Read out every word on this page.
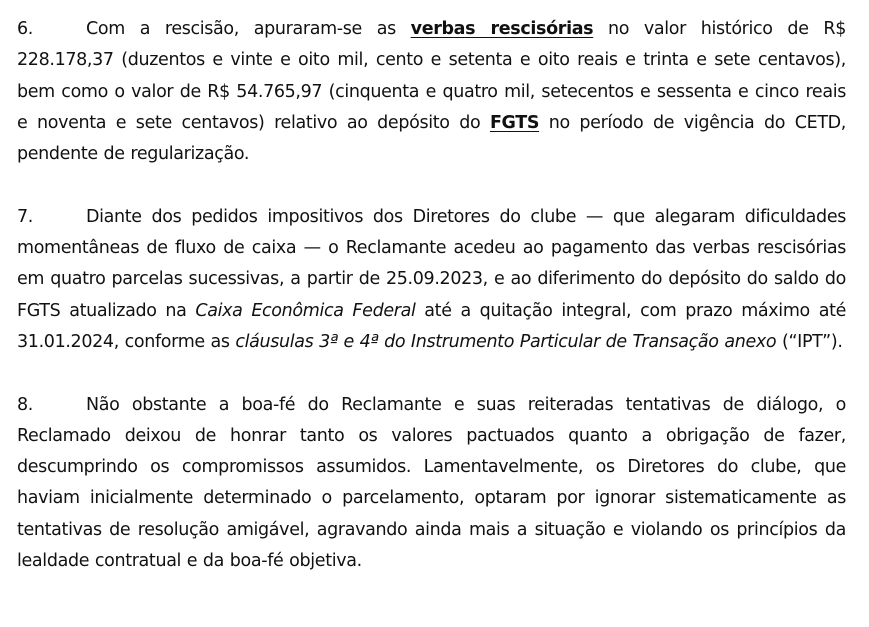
6.	Com a rescisão, apuraram-se as verbas rescisórias no valor histórico de R$ 228.178,37 (duzentos e vinte e oito mil, cento e setenta e oito reais e trinta e sete centavos), bem como o valor de R$ 54.765,97 (cinquenta e quatro mil, setecentos e sessenta e cinco reais e noventa e sete centavos) relativo ao depósito do FGTS no período de vigência do CETD, pendente de regularização.

7.	Diante dos pedidos impositivos dos Diretores do clube — que alegaram dificuldades momentâneas de fluxo de caixa — o Reclamante acedeu ao pagamento das verbas rescisórias em quatro parcelas sucessivas, a partir de 25.09.2023, e ao diferimento do depósito do saldo do FGTS atualizado na Caixa Econômica Federal até a quitação integral, com prazo máximo até 31.01.2024, conforme as cláusulas 3ª e 4ª do Instrumento Particular de Transação anexo (“IPT”).

8.	Não obstante a boa-fé do Reclamante e suas reiteradas tentativas de diálogo, o Reclamado deixou de honrar tanto os valores pactuados quanto a obrigação de fazer, descumprindo os compromissos assumidos. Lamentavelmente, os Diretores do clube, que haviam inicialmente determinado o parcelamento, optaram por ignorar sistematicamente as tentativas de resolução amigável, agravando ainda mais a situação e violando os princípios da lealdade contratual e da boa-fé objetiva.
